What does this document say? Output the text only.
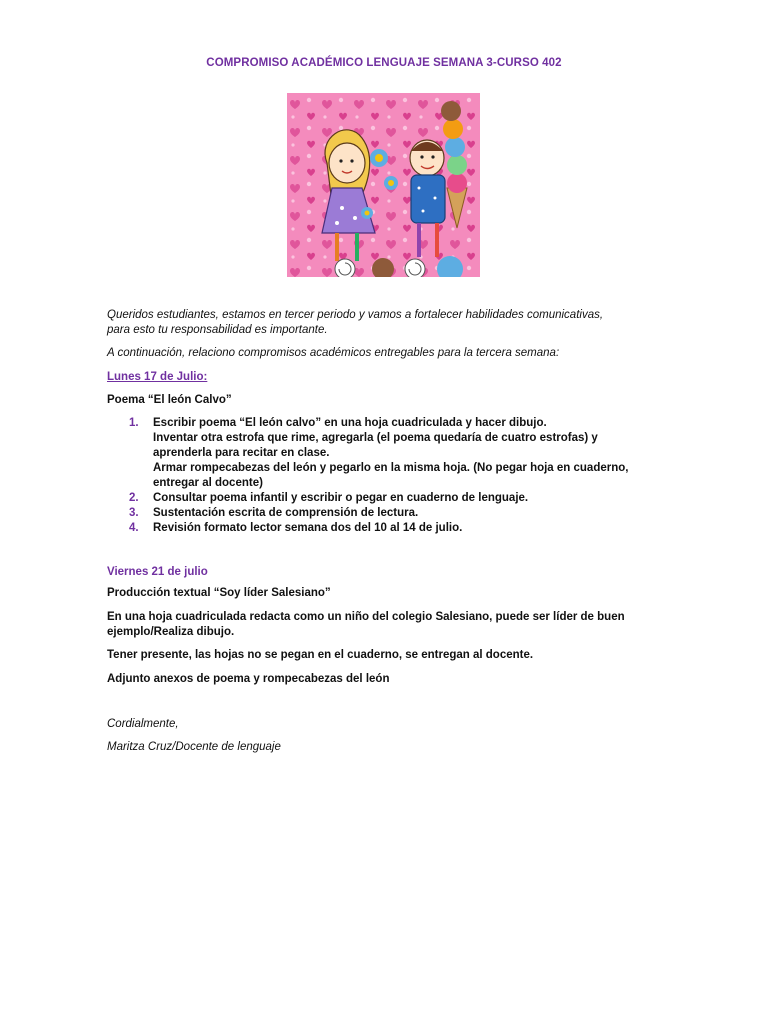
COMPROMISO ACADÉMICO LENGUAJE SEMANA 3-CURSO 402
Queridos estudiantes, estamos en tercer periodo y vamos a fortalecer habilidades comunicativas,
para esto tu responsabilidad es importante.
A continuación, relaciono compromisos académicos entregables para la tercera semana:
Lunes 17 de Julio:
Poema “El león Calvo”
1. Escribir poema “El león calvo” en una hoja cuadriculada y hacer dibujo.
Inventar otra estrofa que rime, agregarla (el poema quedaría de cuatro estrofas) y
aprenderla para recitar en clase.
Armar rompecabezas del león y pegarlo en la misma hoja. (No pegar hoja en cuaderno,
entregar al docente)
2. Consultar poema infantil y escribir o pegar en cuaderno de lenguaje.
3. Sustentación escrita de comprensión de lectura.
4. Revisión formato lector semana dos del 10 al 14 de julio.
Viernes 21 de julio
Producción textual “Soy líder Salesiano”
En una hoja cuadriculada redacta como un niño del colegio Salesiano, puede ser líder de buen
ejemplo/Realiza dibujo.
Tener presente, las hojas no se pegan en el cuaderno, se entregan al docente.
Adjunto anexos de poema y rompecabezas del león
Cordialmente,
Maritza Cruz/Docente de lenguaje
